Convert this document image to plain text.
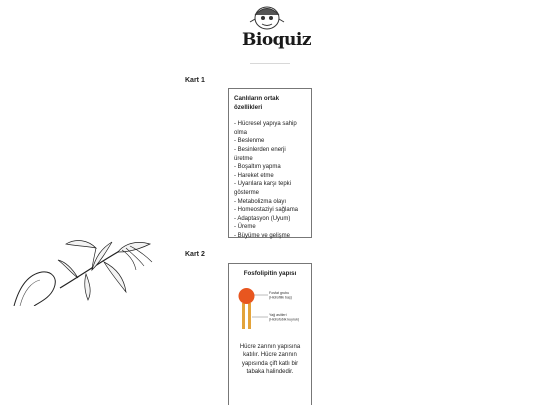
Bioquiz
Kart 1
Canlıların ortak özellikleri
- Hücresel yapıya sahip olma
- Beslenme
- Besinlerden enerji üretme
- Boşaltım yapma
- Hareket etme
- Uyarılara karşı tepki gösterme
- Metabolizma olayı
- Homeostaziyi sağlama
- Adaptasyon (Uyum)
- Üreme
- Büyüme ve gelişme
Kart 2
Fosfolipitin yapısı
Fosfat grubu
(Hidrofilik baş)
Yağ asitleri
(Hidrofobik kuyruk)
Hücre zarının yapısına katılır. Hücre zarının yapısında çift katlı bir tabaka halindedir.
